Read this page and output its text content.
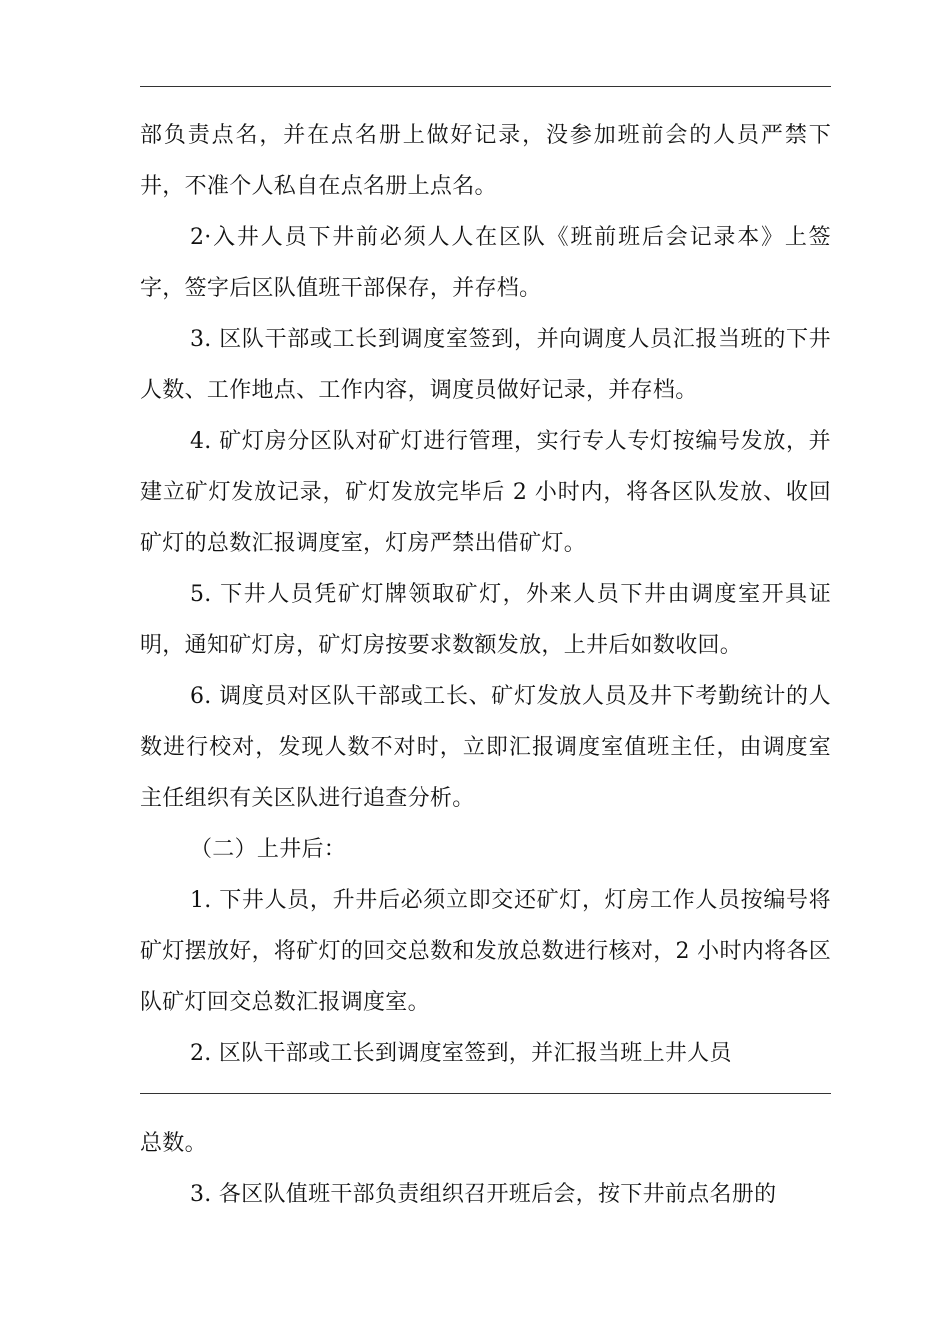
部负责点名，并在点名册上做好记录，没参加班前会的人员严禁下井，不准个人私自在点名册上点名。

2·入井人员下井前必须人人在区队《班前班后会记录本》上签字，签字后区队值班干部保存，并存档。

3. 区队干部或工长到调度室签到，并向调度人员汇报当班的下井人数、工作地点、工作内容，调度员做好记录，并存档。

4. 矿灯房分区队对矿灯进行管理，实行专人专灯按编号发放，并建立矿灯发放记录，矿灯发放完毕后 2 小时内，将各区队发放、收回矿灯的总数汇报调度室，灯房严禁出借矿灯。

5. 下井人员凭矿灯牌领取矿灯，外来人员下井由调度室开具证明，通知矿灯房，矿灯房按要求数额发放，上井后如数收回。

6. 调度员对区队干部或工长、矿灯发放人员及井下考勤统计的人数进行校对，发现人数不对时，立即汇报调度室值班主任，由调度室主任组织有关区队进行追查分析。

（二）上井后：

1. 下井人员，升井后必须立即交还矿灯，灯房工作人员按编号将矿灯摆放好，将矿灯的回交总数和发放总数进行核对，2 小时内将各区队矿灯回交总数汇报调度室。

2. 区队干部或工长到调度室签到，并汇报当班上井人员

总数。

3. 各区队值班干部负责组织召开班后会，按下井前点名册的
